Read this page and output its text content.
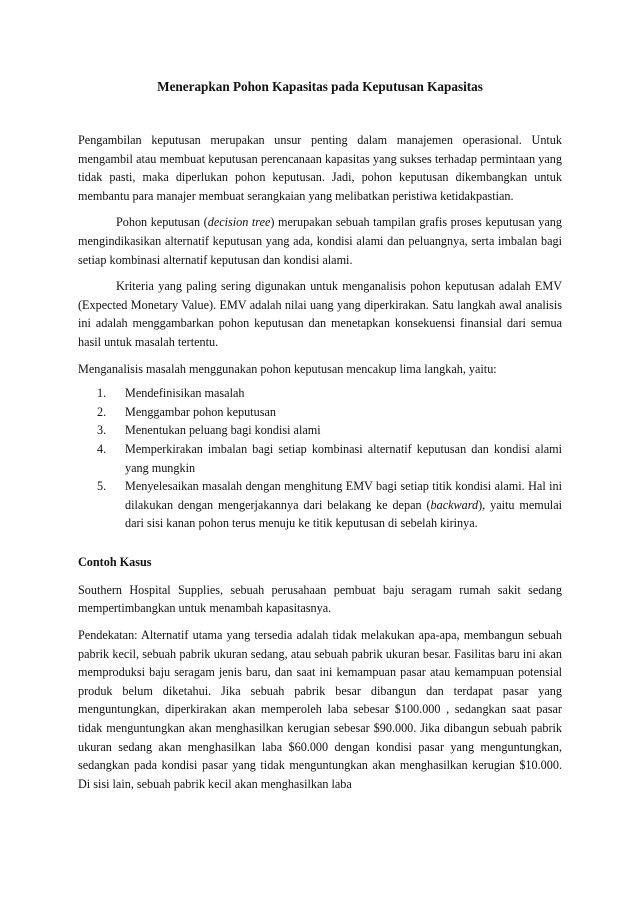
Menerapkan Pohon Kapasitas pada Keputusan Kapasitas

Pengambilan keputusan merupakan unsur penting dalam manajemen operasional. Untuk mengambil atau membuat keputusan perencanaan kapasitas yang sukses terhadap permintaan yang tidak pasti, maka diperlukan pohon keputusan. Jadi, pohon keputusan dikembangkan untuk membantu para manajer membuat serangkaian yang melibatkan peristiwa ketidakpastian.

Pohon keputusan (decision tree) merupakan sebuah tampilan grafis proses keputusan yang mengindikasikan alternatif keputusan yang ada, kondisi alami dan peluangnya, serta imbalan bagi setiap kombinasi alternatif keputusan dan kondisi alami.

Kriteria yang paling sering digunakan untuk menganalisis pohon keputusan adalah EMV (Expected Monetary Value). EMV adalah nilai uang yang diperkirakan. Satu langkah awal analisis ini adalah menggambarkan pohon keputusan dan menetapkan konsekuensi finansial dari semua hasil untuk masalah tertentu.

Menganalisis masalah menggunakan pohon keputusan mencakup lima langkah, yaitu:

1.	Mendefinisikan masalah
2.	Menggambar pohon keputusan
3.	Menentukan peluang bagi kondisi alami
4.	Memperkirakan imbalan bagi setiap kombinasi alternatif keputusan dan kondisi alami yang mungkin
5.	Menyelesaikan masalah dengan menghitung EMV bagi setiap titik kondisi alami. Hal ini dilakukan dengan mengerjakannya dari belakang ke depan (backward), yaitu memulai dari sisi kanan pohon terus menuju ke titik keputusan di sebelah kirinya.
Contoh Kasus

Southern Hospital Supplies, sebuah perusahaan pembuat baju seragam rumah sakit sedang mempertimbangkan untuk menambah kapasitasnya.

Pendekatan: Alternatif utama yang tersedia adalah tidak melakukan apa-apa, membangun sebuah pabrik kecil, sebuah pabrik ukuran sedang, atau sebuah pabrik ukuran besar. Fasilitas baru ini akan memproduksi baju seragam jenis baru, dan saat ini kemampuan pasar atau kemampuan potensial produk belum diketahui. Jika sebuah pabrik besar dibangun dan terdapat pasar yang menguntungkan, diperkirakan akan memperoleh laba sebesar $100.000 , sedangkan saat pasar tidak menguntungkan akan menghasilkan kerugian sebesar $90.000. Jika dibangun sebuah pabrik ukuran sedang akan menghasilkan laba $60.000 dengan kondisi pasar yang menguntungkan, sedangkan pada kondisi pasar yang tidak menguntungkan akan menghasilkan kerugian $10.000. Di sisi lain, sebuah pabrik kecil akan menghasilkan laba
